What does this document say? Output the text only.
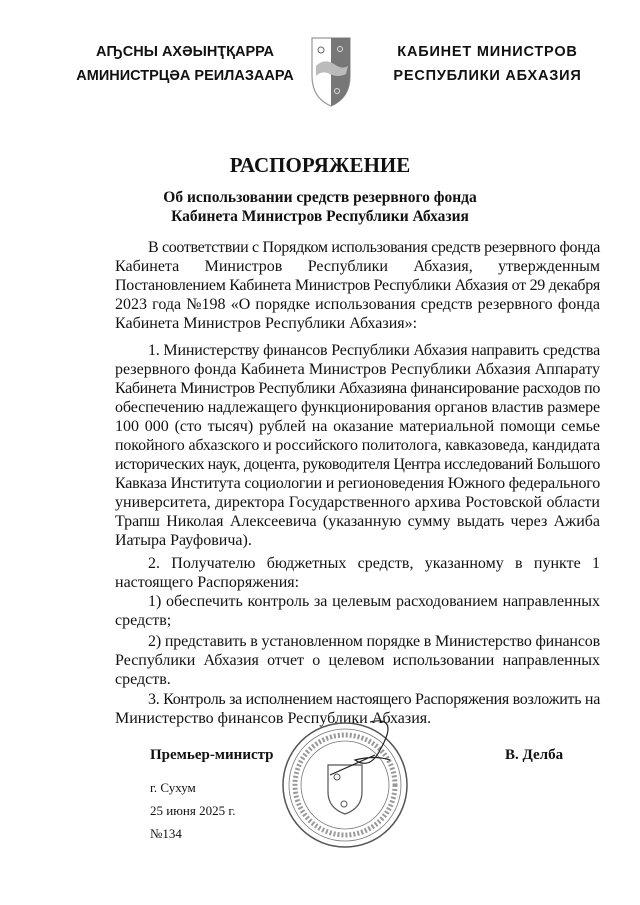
АҦСНЫ АХӘЫНҬҚАРРА
АМИНИСТРЦӘА РЕИЛАЗААРА
КАБИНЕТ МИНИСТРОВ
РЕСПУБЛИКИ АБХАЗИЯ
РАСПОРЯЖЕНИЕ
Об использовании средств резервного фонда
Кабинета Министров Республики Абхазия
В соответствии с Порядком использования средств резервного фонда
Кабинета Министров Республики Абхазия, утвержденным
Постановлением Кабинета Министров Республики Абхазия от 29 декабря
2023 года №198 «О порядке использования средств резервного фонда
Кабинета Министров Республики Абхазия»:
1. Министерству финансов Республики Абхазия направить средства
резервного фонда Кабинета Министров Республики Абхазия Аппарату
Кабинета Министров Республики Абхазияна финансирование расходов по
обеспечению надлежащего функционирования органов властив размере
100 000 (сто тысяч) рублей на оказание материальной помощи семье
покойного абхазского и российского политолога, кавказоведа, кандидата
исторических наук, доцента, руководителя Центра исследований Большого
Кавказа Института социологии и регионоведения Южного федерального
университета, директора Государственного архива Ростовской области
Трапш Николая Алексеевича (указанную сумму выдать через Ажиба
Иатыра Рауфовича).
2. Получателю бюджетных средств, указанному в пункте 1
настоящего Распоряжения:
1) обеспечить контроль за целевым расходованием направленных
средств;
2) представить в установленном порядке в Министерство финансов
Республики Абхазия отчет о целевом использовании направленных
средств.
3. Контроль за исполнением настоящего Распоряжения возложить на
Министерство финансов Республики Абхазия.
Премьер-министр	В. Делба
г. Сухум
25 июня 2025 г.
№134
